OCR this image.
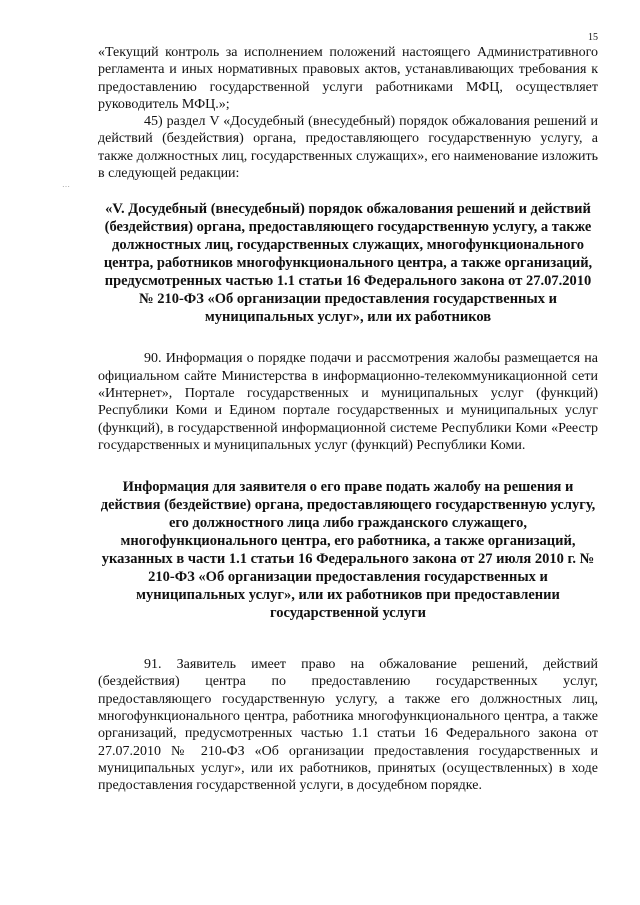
15
…

«Текущий контроль за исполнением положений настоящего Административного регламента и иных нормативных правовых актов, устанавливающих требования к предоставлению государственной услуги работниками МФЦ, осуществляет руководитель МФЦ.»;

45) раздел V «Досудебный (внесудебный) порядок обжалования решений и действий (бездействия) органа, предоставляющего государственную услугу, а также должностных лиц, государственных служащих», его наименование изложить в следующей редакции:

«V. Досудебный (внесудебный) порядок обжалования решений и действий (бездействия) органа, предоставляющего государственную услугу, а также должностных лиц, государственных служащих, многофункционального центра, работников многофункционального центра, а также организаций, предусмотренных частью 1.1 статьи 16 Федерального закона от 27.07.2010 № 210-ФЗ «Об организации предоставления государственных и муниципальных услуг», или их работников

90. Информация о порядке подачи и рассмотрения жалобы размещается на официальном сайте Министерства в информационно-телекоммуникационной сети «Интернет», Портале государственных и муниципальных услуг (функций) Республики Коми и Едином портале государственных и муниципальных услуг (функций), в государственной информационной системе Республики Коми «Реестр государственных и муниципальных услуг (функций) Республики Коми.

Информация для заявителя о его праве подать жалобу на решения и действия (бездействие) органа, предоставляющего государственную услугу, его должностного лица либо гражданского служащего, многофункционального центра, его работника, а также организаций, указанных в части 1.1 статьи 16 Федерального закона от 27 июля 2010 г. № 210-ФЗ «Об организации предоставления государственных и муниципальных услуг», или их работников при предоставлении государственной услуги

91. Заявитель имеет право на обжалование решений, действий (бездействия) центра по предоставлению государственных услуг, предоставляющего государственную услугу, а также его должностных лиц, многофункционального центра, работника многофункционального центра, а также организаций, предусмотренных частью 1.1 статьи 16 Федерального закона от 27.07.2010 № 210-ФЗ «Об организации предоставления государственных и муниципальных услуг», или их работников, принятых (осуществленных) в ходе предоставления государственной услуги, в досудебном порядке.
